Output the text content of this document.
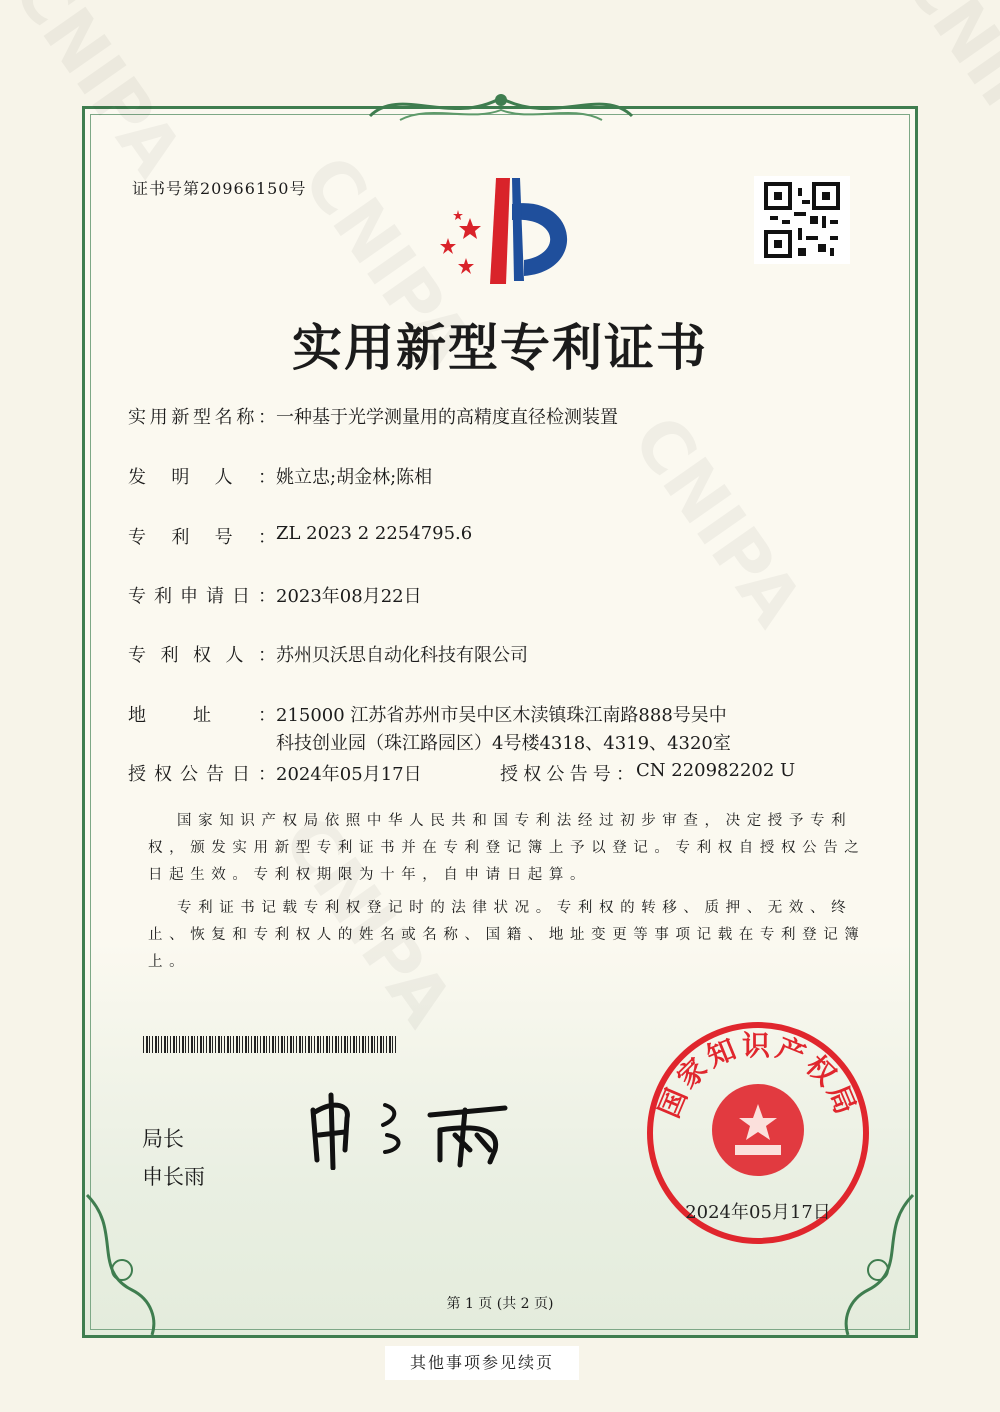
证书号第20966150号
实用新型专利证书
实用新型名称： 一种基于光学测量用的高精度直径检测装置
发明人： 姚立忠;胡金林;陈相
专利号： ZL 2023 2 2254795.6
专利申请日： 2023年08月22日
专利权人： 苏州贝沃思自动化科技有限公司
地址： 215000 江苏省苏州市吴中区木渎镇珠江南路888号吴中
科技创业园（珠江路园区）4号楼4318、4319、4320室
授权公告日： 2024年05月17日	授权公告号： CN 220982202 U

国家知识产权局依照中华人民共和国专利法经过初步审查，决定授予专利权，颁发实用新型专利证书并在专利登记簿上予以登记。专利权自授权公告之日起生效。专利权期限为十年，自申请日起算。

专利证书记载专利权登记时的法律状况。专利权的转移、质押、无效、终止、恢复和专利权人的姓名或名称、国籍、地址变更等事项记载在专利登记簿上。

局长
申长雨
国家知识产权局
2024年05月17日
第 1 页 (共 2 页)
其他事项参见续页
